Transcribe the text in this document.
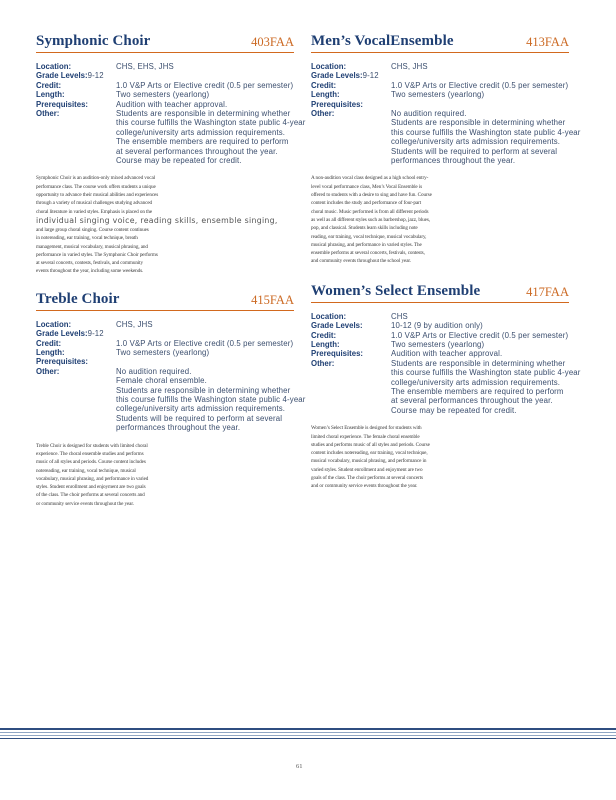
Symphonic Choir	403FAA
Location:	CHS, EHS, JHS
Grade Levels: 9-12
Credit:	1.0 V&P Arts or Elective credit (0.5 per semester)
Length:	Two semesters (yearlong)
Prerequisites:	Audition with teacher approval.
Other:	Students are responsible in determining whether
this course fulfills the Washington state public 4-year
college/university arts admission requirements.
The ensemble members are required to perform
at several performances throughout the year.
Course may be repeated for credit.
Symphonic Choir is an audition-only mixed advanced vocal
performance class. The course work offers students a unique
opportunity to advance their musical abilities and experiences
through a variety of musical challenges studying advanced
choral literature in varied styles. Emphasis is placed on the
individual singing voice, reading skills, ensemble singing,
and large group choral singing. Course content continues
in notereading, ear training, vocal technique, breath
management, musical vocabulary, musical phrasing, and
performance in varied styles. The Symphonic Choir performs
at several concerts, contests, festivals, and community
events throughout the year, including some weekends.
Treble Choir	415FAA
Location:	CHS, JHS
Grade Levels: 9-12
Credit:	1.0 V&P Arts or Elective credit (0.5 per semester)
Length:	Two semesters (yearlong)
Prerequisites:
Other:	No audition required.
Female choral ensemble.
Students are responsible in determining whether
this course fulfills the Washington state public 4-year
college/university arts admission requirements.
Students will be required to perform at several
performances throughout the year.
Treble Choir is designed for students with limited choral
experience. The choral ensemble studies and performs
music of all styles and periods. Course content includes
notereading, ear training, vocal technique, musical
vocabulary, musical phrasing, and performance in varied
styles. Student enrollment and enjoyment are two goals
of the class. The choir performs at several concerts and
or community service events throughout the year.
Men’s VocalEnsemble	413FAA
Location:	CHS, JHS
Grade Levels: 9-12
Credit:	1.0 V&P Arts or Elective credit (0.5 per semester)
Length:	Two semesters (yearlong)
Prerequisites:
Other:	No audition required.
Students are responsible in determining whether
this course fulfills the Washington state public 4-year
college/university arts admission requirements.
Students will be required to perform at several
performances throughout the year.
A non-audition vocal class designed as a high school entry-
level vocal performance class, Men’s Vocal Ensemble is
offered to students with a desire to sing and have fun. Course
content includes the study and performance of four-part
choral music. Music performed is from all different periods
as well as all different styles such as barbershop, jazz, blues,
pop, and classical. Students learn skills including note
reading, ear training, vocal technique, musical vocabulary,
musical phrasing, and performance in varied styles. The
ensemble performs at several concerts, festivals, contests,
and community events throughout the school year.
Women’s Select Ensemble	417FAA
Location:	CHS
Grade Levels:	10-12 (9 by audition only)
Credit:	1.0 V&P Arts or Elective credit (0.5 per semester)
Length:	Two semesters (yearlong)
Prerequisites:	Audition with teacher approval.
Other:	Students are responsible in determining whether
this course fulfills the Washington state public 4-year
college/university arts admission requirements.
The ensemble members are required to perform
at several performances throughout the year.
Course may be repeated for credit.
Women’s Select Ensemble is designed for students with
limited choral experience. The female choral ensemble
studies and performs music of all styles and periods. Course
content includes notereading, ear training, vocal technique,
musical vocabulary, musical phrasing, and performance in
varied styles. Student enrollment and enjoyment are two
goals of the class. The choir performs at several concerts
and or community service events throughout the year.
61
